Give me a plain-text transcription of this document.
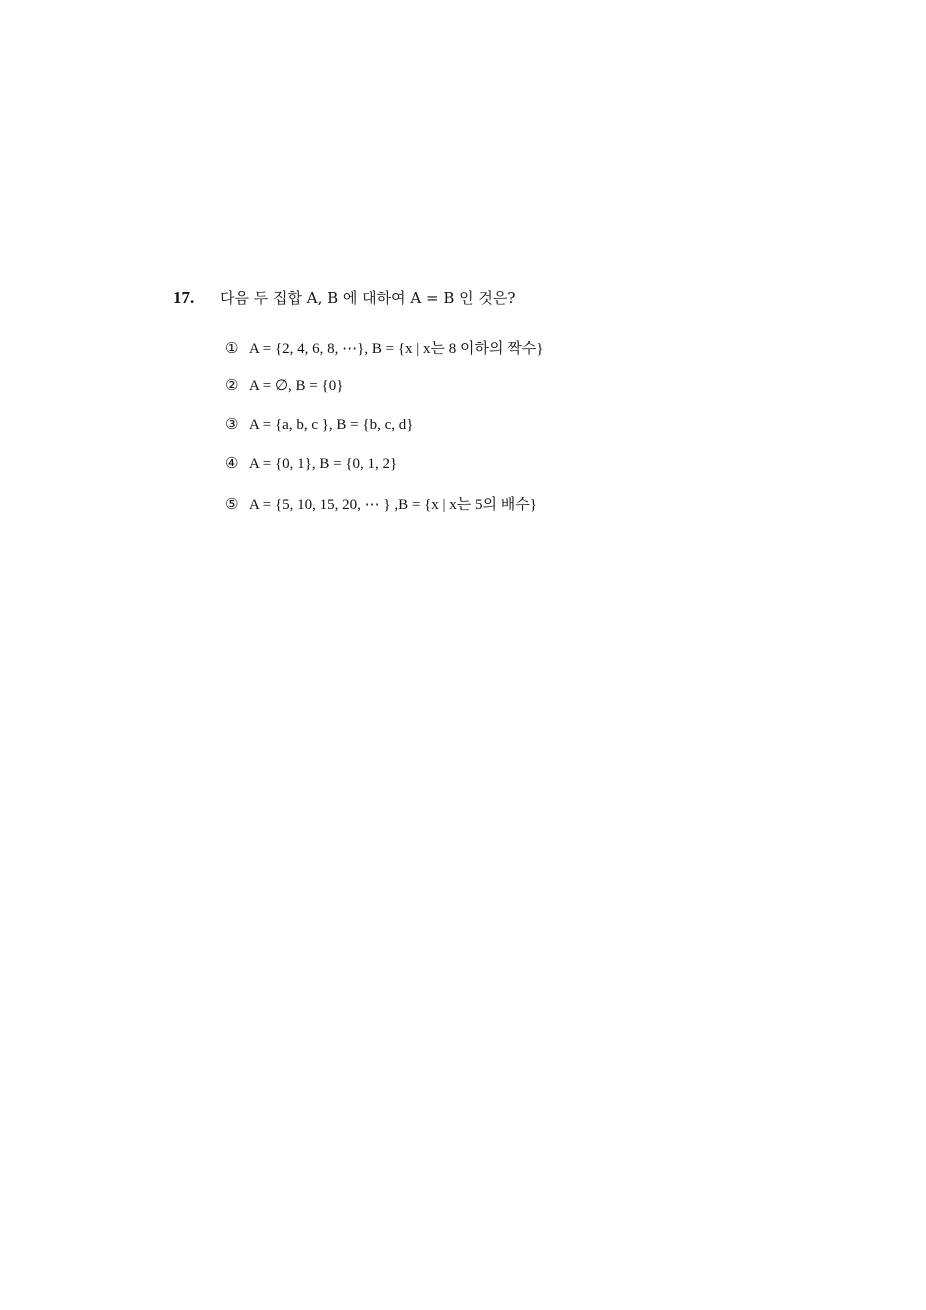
17.	다음 두 집합 A, B 에 대하여 A = B 인 것은?
① A = {2, 4, 6, 8, ⋯}, B = {x | x는 8 이하의 짝수}
② A = ∅, B = {0}
③ A = {a, b, c }, B = {b, c, d}
④ A = {0, 1}, B = {0, 1, 2}
⑤ A = {5, 10, 15, 20, ⋯ } ,B = {x | x는 5의 배수}
